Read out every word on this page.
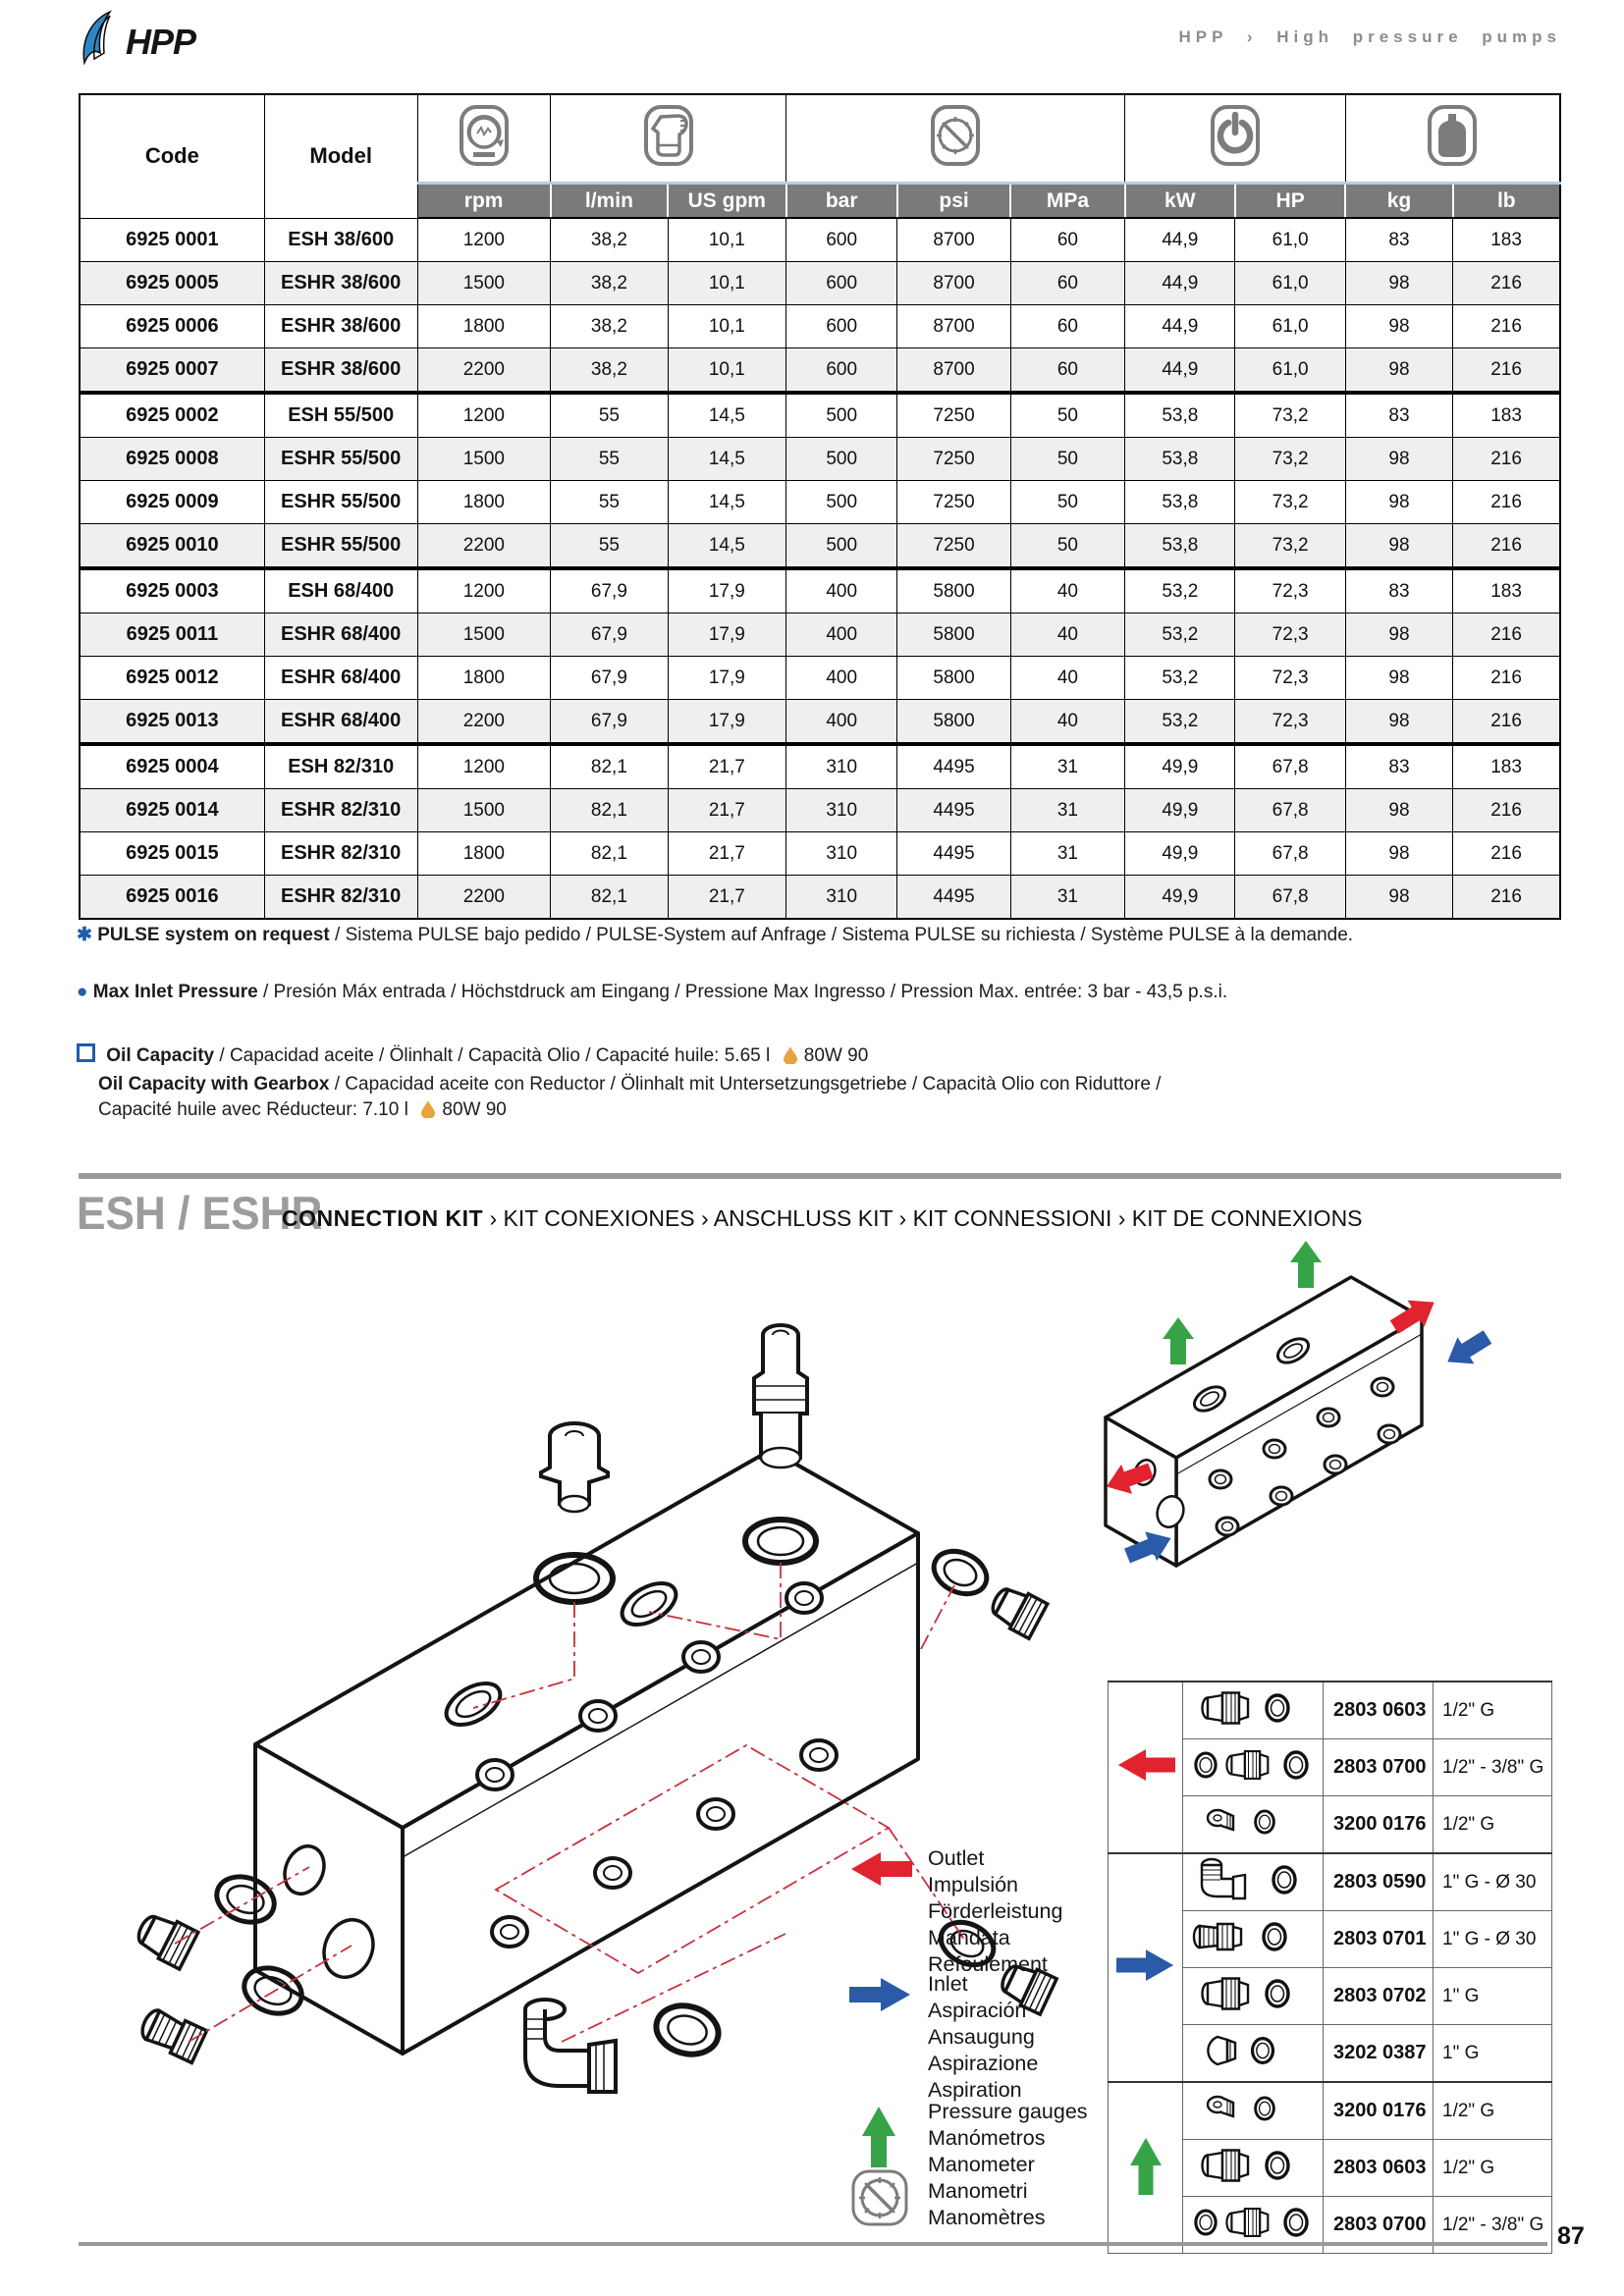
HPP	HPP › High pressure pumps
Code	Model					
		rpm	l/min	US gpm	bar	psi	MPa	kW	HP	kg	lb
6925 0001	ESH 38/600	1200	38,2	10,1	600	8700	60	44,9	61,0	83	183
6925 0005	ESHR 38/600	1500	38,2	10,1	600	8700	60	44,9	61,0	98	216
6925 0006	ESHR 38/600	1800	38,2	10,1	600	8700	60	44,9	61,0	98	216
6925 0007	ESHR 38/600	2200	38,2	10,1	600	8700	60	44,9	61,0	98	216
6925 0002	ESH 55/500	1200	55	14,5	500	7250	50	53,8	73,2	83	183
6925 0008	ESHR 55/500	1500	55	14,5	500	7250	50	53,8	73,2	98	216
6925 0009	ESHR 55/500	1800	55	14,5	500	7250	50	53,8	73,2	98	216
6925 0010	ESHR 55/500	2200	55	14,5	500	7250	50	53,8	73,2	98	216
6925 0003	ESH 68/400	1200	67,9	17,9	400	5800	40	53,2	72,3	83	183
6925 0011	ESHR 68/400	1500	67,9	17,9	400	5800	40	53,2	72,3	98	216
6925 0012	ESHR 68/400	1800	67,9	17,9	400	5800	40	53,2	72,3	98	216
6925 0013	ESHR 68/400	2200	67,9	17,9	400	5800	40	53,2	72,3	98	216
6925 0004	ESH 82/310	1200	82,1	21,7	310	4495	31	49,9	67,8	83	183
6925 0014	ESHR 82/310	1500	82,1	21,7	310	4495	31	49,9	67,8	98	216
6925 0015	ESHR 82/310	1800	82,1	21,7	310	4495	31	49,9	67,8	98	216
6925 0016	ESHR 82/310	2200	82,1	21,7	310	4495	31	49,9	67,8	98	216
✱ PULSE system on request / Sistema PULSE bajo pedido / PULSE-System auf Anfrage / Sistema PULSE su richiesta / Système PULSE à la demande.
● Max Inlet Pressure / Presión Máx entrada / Höchstdruck am Eingang / Pressione Max Ingresso / Pression Max. entrée: 3 bar - 43,5 p.s.i.
Oil Capacity / Capacidad aceite / Ölinhalt / Capacità Olio / Capacité huile: 5.65 l 80W 90
Oil Capacity with Gearbox / Capacidad aceite con Reductor / Ölinhalt mit Untersetzungsgetriebe / Capacità Olio con Riduttore /
Capacité huile avec Réducteur: 7.10 l 80W 90
ESH / ESHR
CONNECTION KIT › KIT CONEXIONES › ANSCHLUSS KIT › KIT CONNESSIONI › KIT DE CONNEXIONS
Outlet
Impulsión
Förderleistung
Mandata
Refoulement
Inlet
Aspiración
Ansaugung
Aspirazione
Aspiration
Pressure gauges
Manómetros
Manometer
Manometri
Manomètres
		2803 0603	1/2" G
	2803 0700	1/2" - 3/8" G
	3200 0176	1/2" G
		2803 0590	1" G - Ø 30
	2803 0701	1" G - Ø 30
	2803 0702	1" G
	3202 0387	1" G
		3200 0176	1/2" G
	2803 0603	1/2" G
	2803 0700	1/2" - 3/8" G 87
